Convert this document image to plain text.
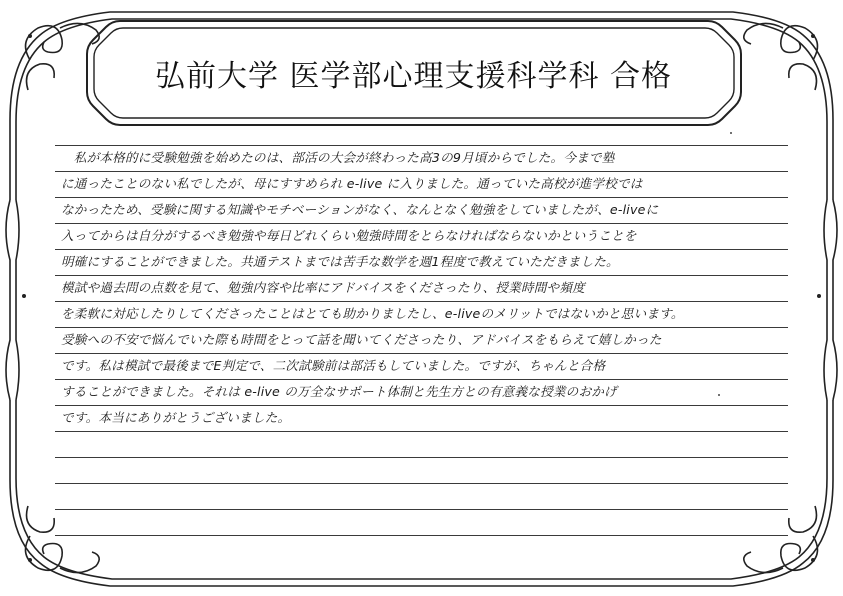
弘前大学 医学部心理支援科学科 合格
　私が本格的に受験勉強を始めたのは、部活の大会が終わった高3の9月頃からでした。今まで塾
に通ったことのない私でしたが、母にすすめられ e-live に入りました。通っていた高校が進学校では
なかったため、受験に関する知識やモチベーションがなく、なんとなく勉強をしていましたが、e-liveに
入ってからは自分がするべき勉強や毎日どれくらい勉強時間をとらなければならないかということを
明確にすることができました。共通テストまでは苦手な数学を週1程度で教えていただきました。
模試や過去問の点数を見て、勉強内容や比率にアドバイスをくださったり、授業時間や頻度
を柔軟に対応したりしてくださったことはとても助かりましたし、e-liveのメリットではないかと思います。
受験への不安で悩んでいた際も時間をとって話を聞いてくださったり、アドバイスをもらえて嬉しかった
です。私は模試で最後までE判定で、二次試験前は部活もしていました。ですが、ちゃんと合格
することができました。それは e-live の万全なサポート体制と先生方との有意義な授業のおかげ
です。本当にありがとうございました。
